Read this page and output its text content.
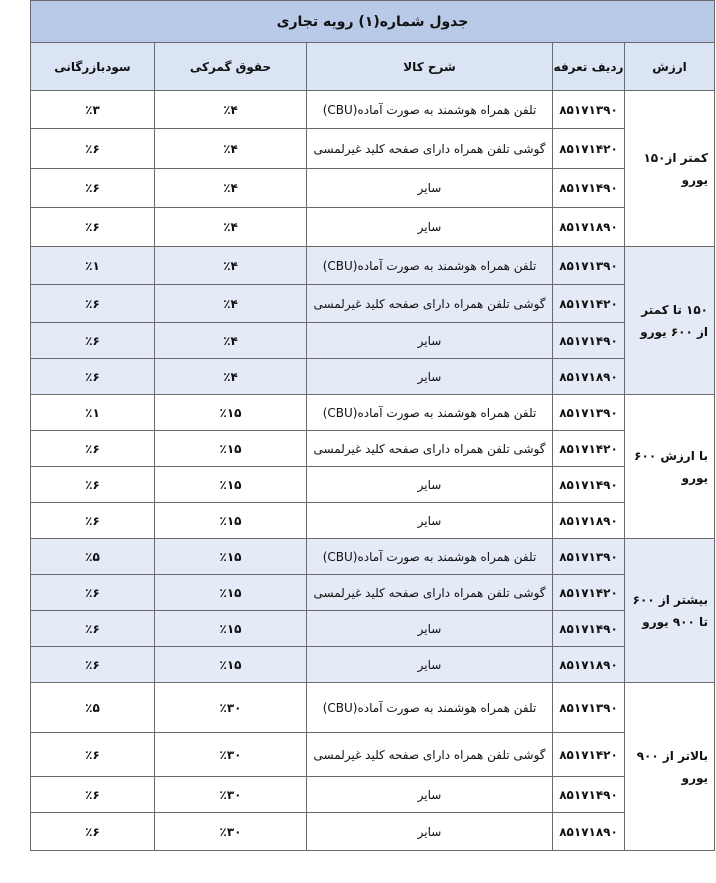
جدول شماره(۱) رویه تجاری				
ارزش	ردیف تعرفه	شرح کالا	حقوق گمرکی	سودبازرگانی
کمتر از۱۵۰ یورو	۸۵۱۷۱۳۹۰	تلفن همراه هوشمند به صورت آماده(CBU)	٪۴	٪۳
	۸۵۱۷۱۴۲۰	گوشی تلفن همراه دارای صفحه کلید غیرلمسی	٪۴	٪۶
	۸۵۱۷۱۴۹۰	سایر	٪۴	٪۶
	۸۵۱۷۱۸۹۰	سایر	٪۴	٪۶
۱۵۰ تا کمتر از ۶۰۰ یورو	۸۵۱۷۱۳۹۰	تلفن همراه هوشمند به صورت آماده(CBU)	٪۴	٪۱
	۸۵۱۷۱۴۲۰	گوشی تلفن همراه دارای صفحه کلید غیرلمسی	٪۴	٪۶
	۸۵۱۷۱۴۹۰	سایر	٪۴	٪۶
	۸۵۱۷۱۸۹۰	سایر	٪۴	٪۶
با ارزش ۶۰۰ یورو	۸۵۱۷۱۳۹۰	تلفن همراه هوشمند به صورت آماده(CBU)	٪۱۵	٪۱
	۸۵۱۷۱۴۲۰	گوشی تلفن همراه دارای صفحه کلید غیرلمسی	٪۱۵	٪۶
	۸۵۱۷۱۴۹۰	سایر	٪۱۵	٪۶
	۸۵۱۷۱۸۹۰	سایر	٪۱۵	٪۶
بیشتر از ۶۰۰ تا ۹۰۰ یورو	۸۵۱۷۱۳۹۰	تلفن همراه هوشمند به صورت آماده(CBU)	٪۱۵	٪۵
	۸۵۱۷۱۴۲۰	گوشی تلفن همراه دارای صفحه کلید غیرلمسی	٪۱۵	٪۶
	۸۵۱۷۱۴۹۰	سایر	٪۱۵	٪۶
	۸۵۱۷۱۸۹۰	سایر	٪۱۵	٪۶
بالاتر از ۹۰۰ یورو	۸۵۱۷۱۳۹۰	تلفن همراه هوشمند به صورت آماده(CBU)	٪۳۰	٪۵
	۸۵۱۷۱۴۲۰	گوشی تلفن همراه دارای صفحه کلید غیرلمسی	٪۳۰	٪۶
	۸۵۱۷۱۴۹۰	سایر	٪۳۰	٪۶
	۸۵۱۷۱۸۹۰	سایر	٪۳۰	٪۶
